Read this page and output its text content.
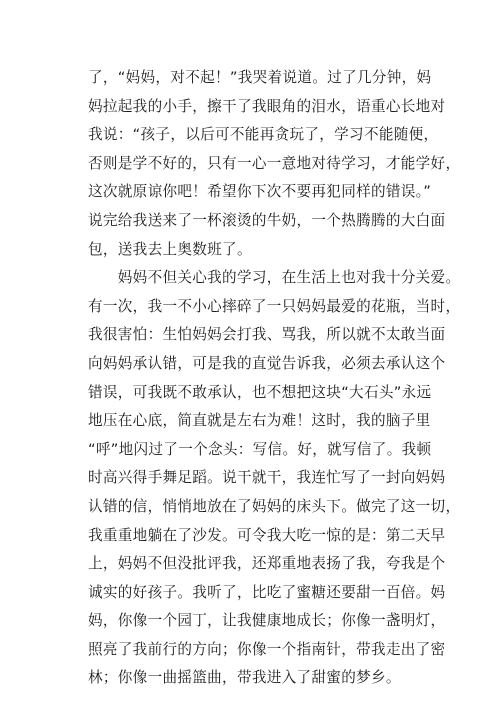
了，“妈妈，对不起！”我哭着说道。过了几分钟，妈
妈拉起我的小手，擦干了我眼角的泪水，语重心长地对
我说：“孩子，以后可不能再贪玩了，学习不能随便，
否则是学不好的，只有一心一意地对待学习，才能学好，
这次就原谅你吧！希望你下次不要再犯同样的错误。”
说完给我送来了一杯滚烫的牛奶，一个热腾腾的大白面
包，送我去上奥数班了。
　　妈妈不但关心我的学习，在生活上也对我十分关爱。
有一次，我一不小心摔碎了一只妈妈最爱的花瓶，当时，
我很害怕：生怕妈妈会打我、骂我，所以就不太敢当面
向妈妈承认错，可是我的直觉告诉我，必须去承认这个
错误，可我既不敢承认，也不想把这块“大石头”永远
地压在心底，简直就是左右为难！这时，我的脑子里
“呼”地闪过了一个念头：写信。好，就写信了。我顿
时高兴得手舞足蹈。说干就干，我连忙写了一封向妈妈
认错的信，悄悄地放在了妈妈的床头下。做完了这一切，
我重重地躺在了沙发。可令我大吃一惊的是：第二天早
上，妈妈不但没批评我，还郑重地表扬了我，夸我是个
诚实的好孩子。我听了，比吃了蜜糖还要甜一百倍。妈
妈，你像一个园丁，让我健康地成长；你像一盏明灯，
照亮了我前行的方向；你像一个指南针，带我走出了密
林；你像一曲摇篮曲，带我进入了甜蜜的梦乡。
